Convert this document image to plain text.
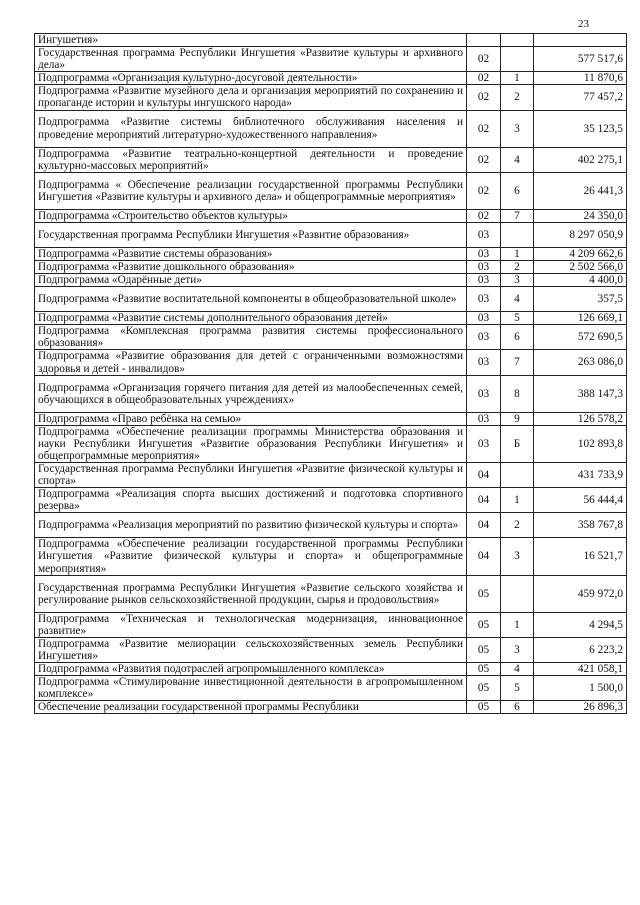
23
Ингушетия»			
Государственная программа Республики Ингушетия «Развитие культуры и архивного дела»	02		577 517,6
Подпрограмма «Организация культурно-досуговой деятельности»	02	1	11 870,6
Подпрограмма «Развитие музейного дела и организация мероприятий по сохранению и пропаганде истории и культуры ингушского народа»	02	2	77 457,2
Подпрограмма «Развитие системы библиотечного обслуживания населения и проведение мероприятий литературно-художественного направления»	02	3	35 123,5
Подпрограмма «Развитие театрально-концертной деятельности и проведение культурно-массовых мероприятий»	02	4	402 275,1
Подпрограмма « Обеспечение реализации государственной программы Республики Ингушетия «Развитие культуры и архивного дела» и общепрограммные мероприятия»	02	6	26 441,3
Подпрограмма «Строительство объектов культуры»	02	7	24 350,0
Государственная программа Республики Ингушетия «Развитие образования»	03		8 297 050,9
Подпрограмма «Развитие системы образования»	03	1	4 209 662,6
Подпрограмма «Развитие дошкольного образования»	03	2	2 502 566,0
Подпрограмма «Одарённые дети»	03	3	4 400,0
Подпрограмма «Развитие воспитательной компоненты в общеобразовательной школе»	03	4	357,5
Подпрограмма «Развитие системы дополнительного образования детей»	03	5	126 669,1
Подпрограмма «Комплексная программа развития системы профессионального образования»	03	6	572 690,5
Подпрограмма «Развитие образования для детей с ограниченными возможностями здоровья и детей - инвалидов»	03	7	263 086,0
Подпрограмма «Организация горячего питания для детей из малообеспеченных семей, обучающихся в общеобразовательных учреждениях»	03	8	388 147,3
Подпрограмма «Право ребёнка на семью»	03	9	126 578,2
Подпрограмма «Обеспечение реализации программы Министерства образования и науки Республики Ингушетия «Развитие образования Республики Ингушетия» и общепрограммные мероприятия»	03	Б	102 893,8
Государственная программа Республики Ингушетия «Развитие физической культуры и спорта»	04		431 733,9
Подпрограмма «Реализация спорта высших достижений и подготовка спортивного резерва»	04	1	56 444,4
Подпрограмма «Реализация мероприятий по развитию физической культуры и спорта»	04	2	358 767,8
Подпрограмма «Обеспечение реализации государственной программы Республики Ингушетия «Развитие физической культуры и спорта» и общепрограммные мероприятия»	04	3	16 521,7
Государственная программа Республики Ингушетия «Развитие сельского хозяйства и регулирование рынков сельскохозяйственной продукции, сырья и продовольствия»	05		459 972,0
Подпрограмма «Техническая и технологическая модернизация, инновационное развитие»	05	1	4 294,5
Подпрограмма «Развитие мелиорации сельскохозяйственных земель Республики Ингушетия»	05	3	6 223,2
Подпрограмма «Развития подотраслей агропромышленного комплекса»	05	4	421 058,1
Подпрограмма «Стимулирование инвестиционной деятельности в агропромышленном комплексе»	05	5	1 500,0
Обеспечение реализации государственной программы Республики	05	6	26 896,3
